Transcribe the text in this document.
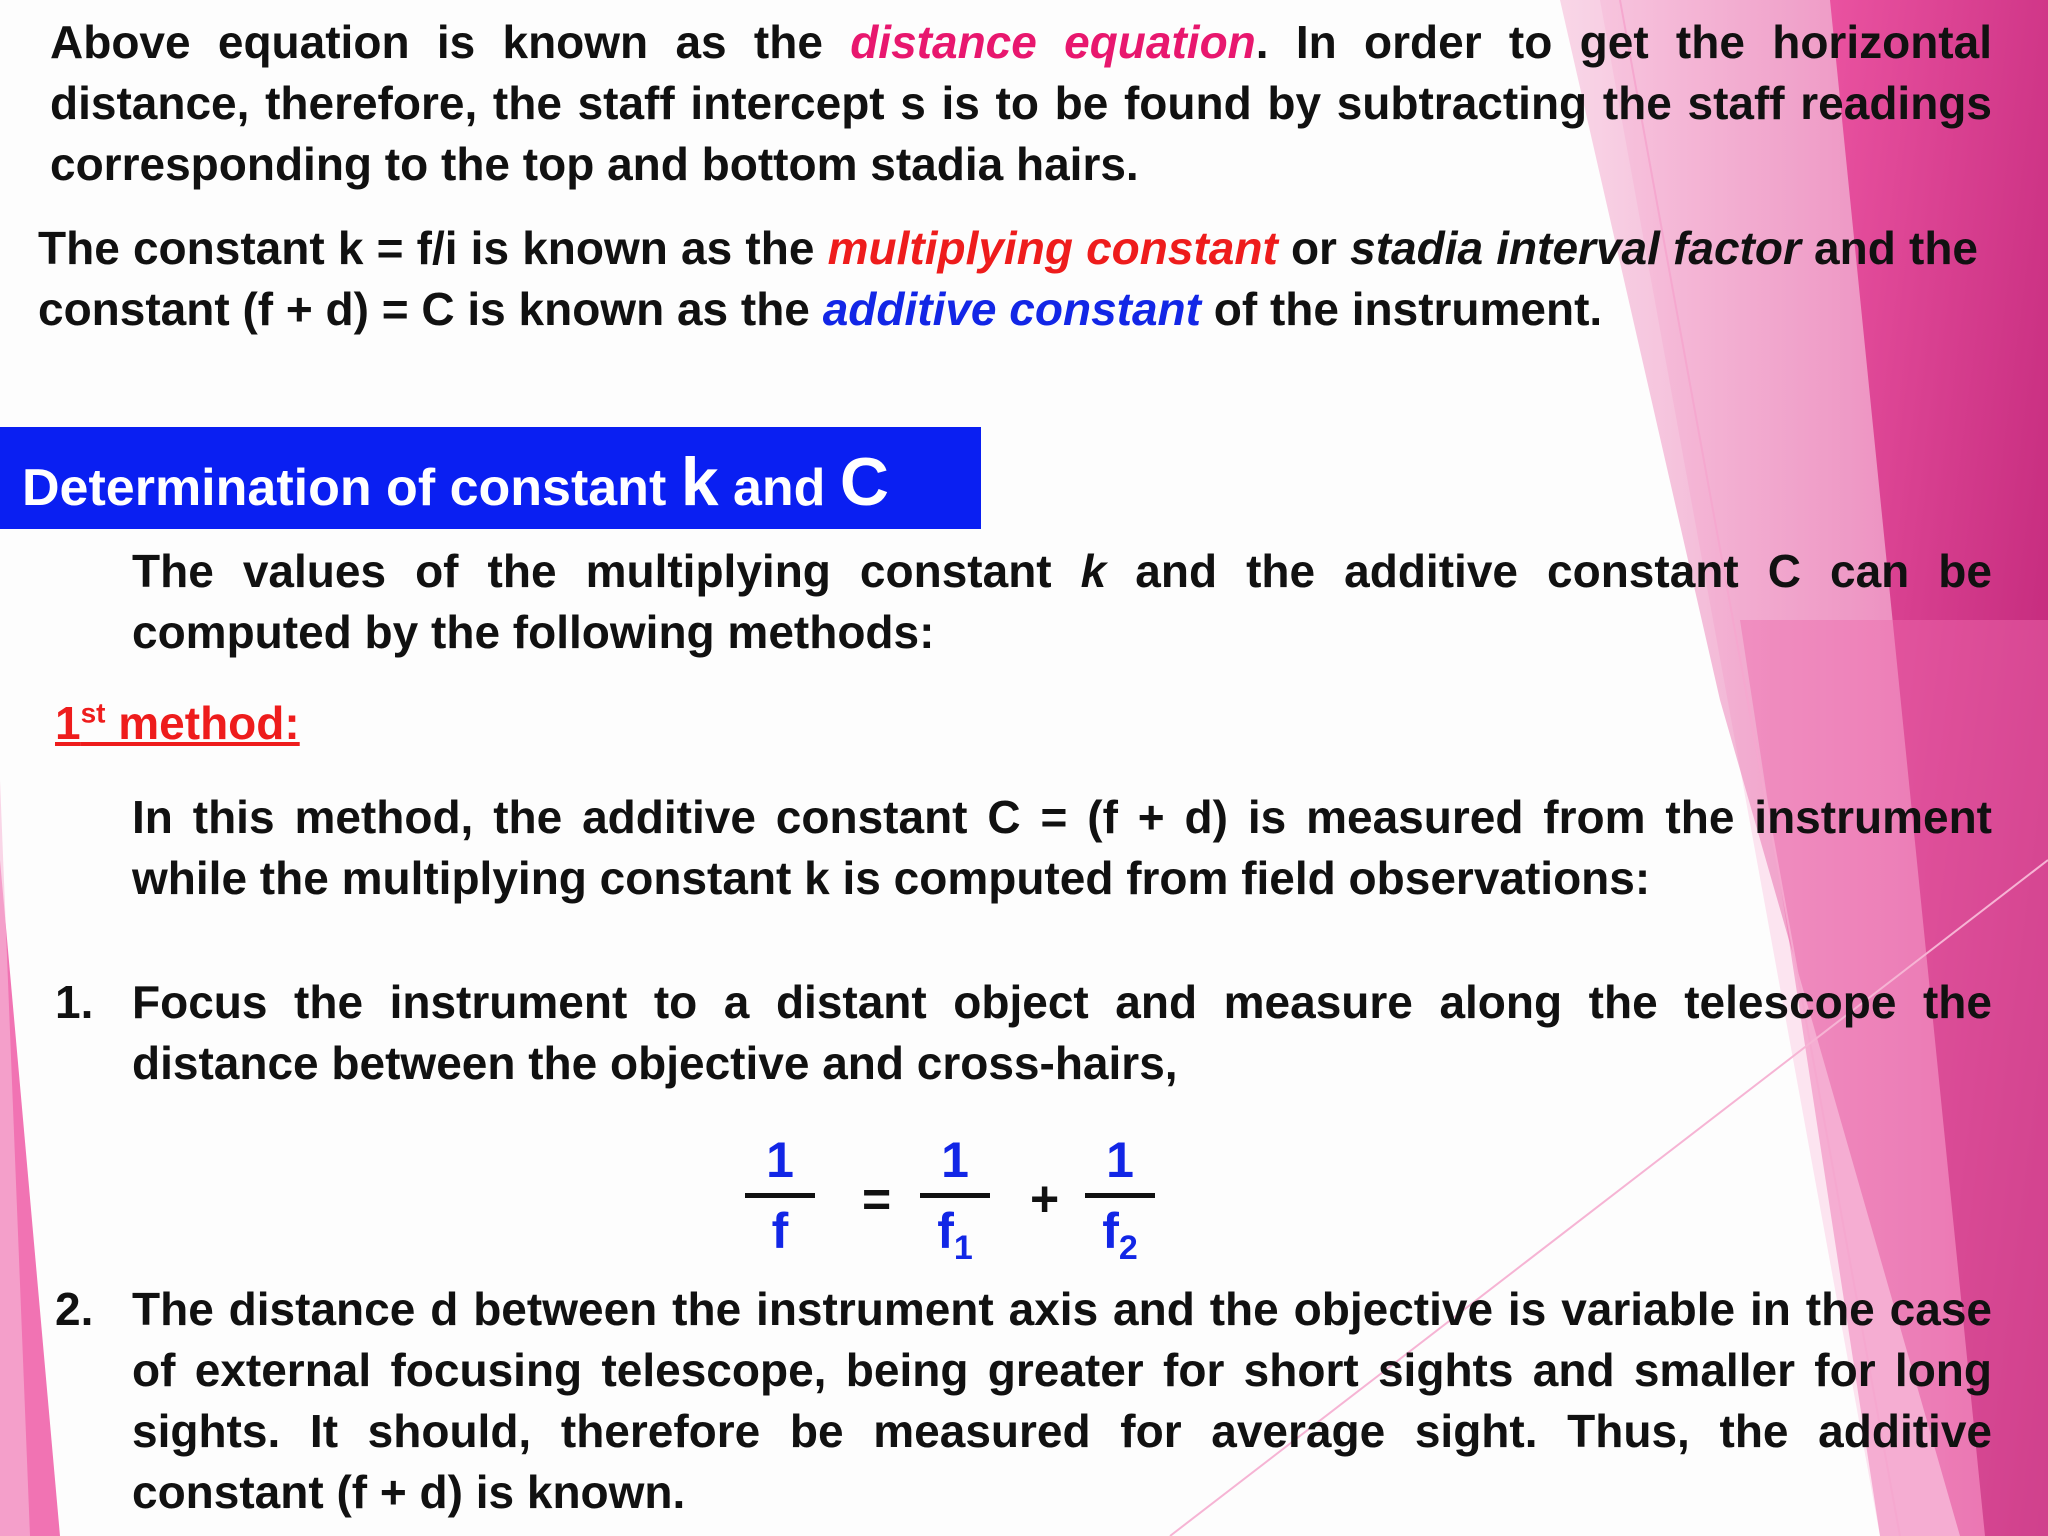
Above equation is known as the distance equation. In order to get the horizontal distance, therefore, the staff intercept s is to be found by subtracting the staff readings corresponding to the top and bottom stadia hairs.

The constant k = f/i is known as the multiplying constant or stadia interval factor and the constant (f + d) = C is known as the additive constant of the instrument.

Determination of constant k and C

The values of the multiplying constant k and the additive constant C can be computed by the following methods:

1st method:

In this method, the additive constant C = (f + d) is measured from the instrument while the multiplying constant k is computed from field observations:

1. Focus the instrument to a distant object and measure along the telescope the distance between the objective and cross-hairs,

1
f
=
1
$f_1$
+
1
$f_2$
2. The distance d between the instrument axis and the objective is variable in the case of external focusing telescope, being greater for short sights and smaller for long sights. It should, therefore be measured for average sight. Thus, the additive constant (f + d) is known.
